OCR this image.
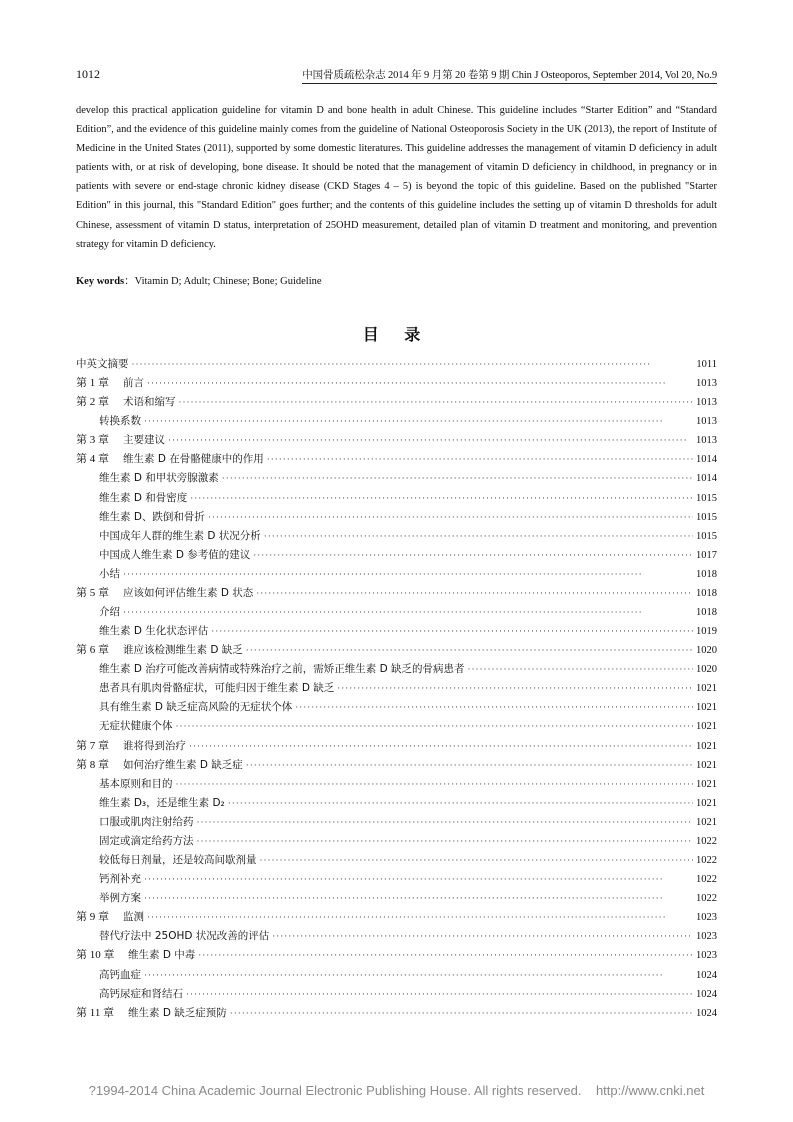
1012	中国骨质疏松杂志 2014 年 9 月第 20 卷第 9 期 Chin J Osteoporos, September 2014, Vol 20, No.9

develop this practical application guideline for vitamin D and bone health in adult Chinese. This guideline includes “Starter Edition” and “Standard Edition”, and the evidence of this guideline mainly comes from the guideline of National Osteoporosis Society in the UK (2013), the report of Institute of Medicine in the United States (2011), supported by some domestic literatures. This guideline addresses the management of vitamin D deficiency in adult patients with, or at risk of developing, bone disease. It should be noted that the management of vitamin D deficiency in childhood, in pregnancy or in patients with severe or end-stage chronic kidney disease (CKD Stages 4 – 5) is beyond the topic of this guideline. Based on the published "Starter Edition" in this journal, this "Standard Edition" goes further; and the contents of this guideline includes the setting up of vitamin D thresholds for adult Chinese, assessment of vitamin D status, interpretation of 25OHD measurement, detailed plan of vitamin D treatment and monitoring, and prevention strategy for vitamin D deficiency.

Key words：Vitamin D; Adult; Chinese; Bone; Guideline
目 录
中英文摘要 ·····	1011
第 1 章	前言 ·····	1013
第 2 章	术语和缩写 ·····	1013
转换系数 ·····	1013
第 3 章	主要建议 ·····	1013
第 4 章	维生素 D 在骨骼健康中的作用 ·····	1014
维生素 D 和甲状旁腺激素 ·····	1014
维生素 D 和骨密度 ·····	1015
维生素 D、跌倒和骨折 ·····	1015
中国成年人群的维生素 D 状况分析 ·····	1015
中国成人维生素 D 参考值的建议 ·····	1017
小结 ·····	1018
第 5 章	应该如何评估维生素 D 状态 ·····	1018
介绍 ·····	1018
维生素 D 生化状态评估 ·····	1019
第 6 章	谁应该检测维生素 D 缺乏 ·····	1020
维生素 D 治疗可能改善病情或特殊治疗之前，需矫正维生素 D 缺乏的骨病患者 ·····	1020
患者具有肌肉骨骼症状，可能归因于维生素 D 缺乏 ·····	1021
具有维生素 D 缺乏症高风险的无症状个体 ·····	1021
无症状健康个体 ·····	1021
第 7 章	谁将得到治疗 ·····	1021
第 8 章	如何治疗维生素 D 缺乏症 ·····	1021
基本原则和目的 ·····	1021
维生素 D₃，还是维生素 D₂ ·····	1021
口服或肌肉注射给药 ·····	1021
固定或滴定给药方法 ·····	1022
较低每日剂量，还是较高间歇剂量 ·····	1022
钙剂补充 ·····	1022
举例方案 ·····	1022
第 9 章	监测 ·····	1023
替代疗法中 25OHD 状况改善的评估 ·····	1023
第 10 章	维生素 D 中毒 ·····	1023
高钙血症 ·····	1024
高钙尿症和肾结石 ·····	1024
第 11 章	维生素 D 缺乏症预防 ·····	1024
?1994-2014 China Academic Journal Electronic Publishing House. All rights reserved. http://www.cnki.net
